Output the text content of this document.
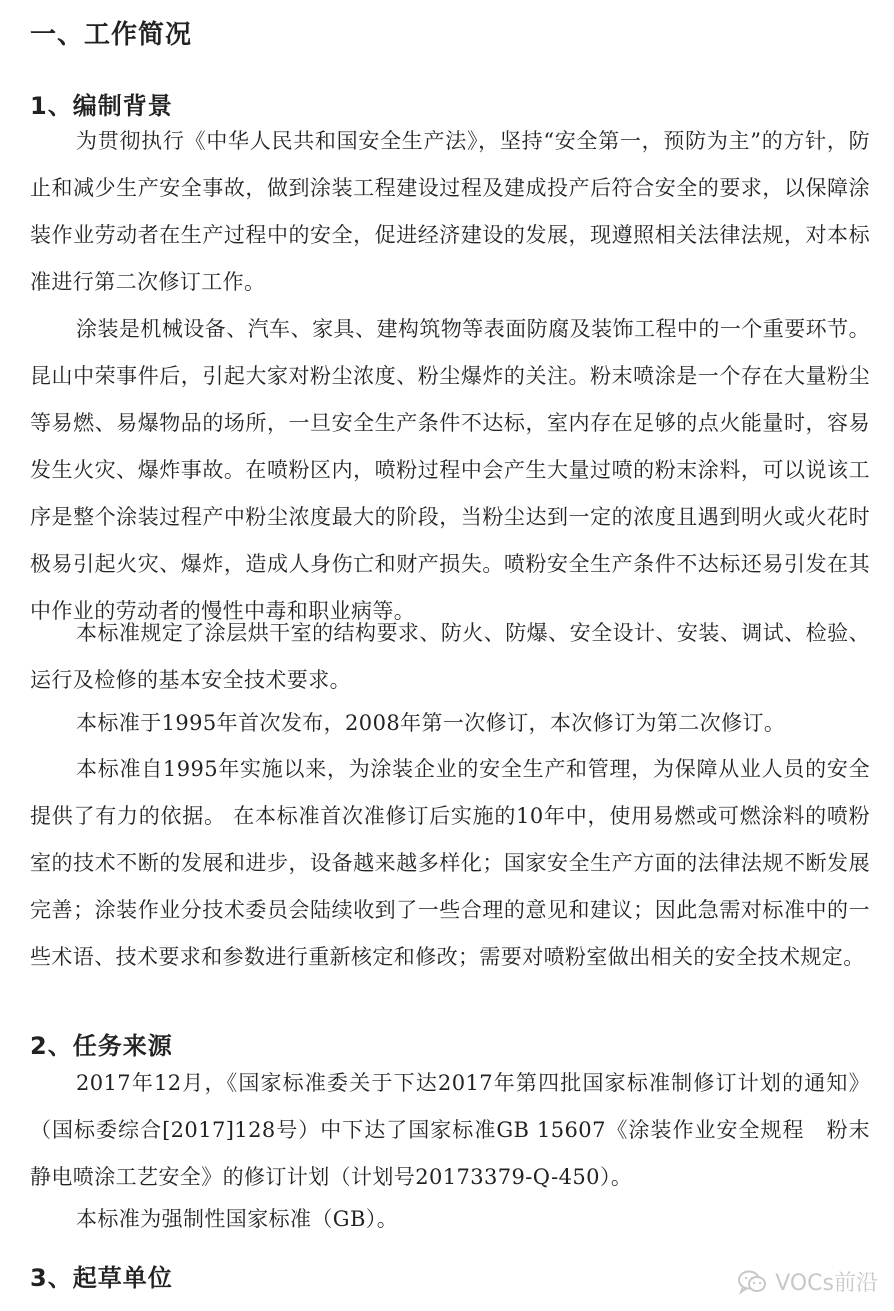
一、工作简况
1、编制背景

为贯彻执行《中华人民共和国安全生产法》，坚持“安全第一，预防为主”的方针，防止和减少生产安全事故，做到涂装工程建设过程及建成投产后符合安全的要求，以保障涂装作业劳动者在生产过程中的安全，促进经济建设的发展，现遵照相关法律法规，对本标准进行第二次修订工作。

涂装是机械设备、汽车、家具、建构筑物等表面防腐及装饰工程中的一个重要环节。昆山中荣事件后，引起大家对粉尘浓度、粉尘爆炸的关注。粉末喷涂是一个存在大量粉尘等易燃、易爆物品的场所，一旦安全生产条件不达标，室内存在足够的点火能量时，容易发生火灾、爆炸事故。在喷粉区内，喷粉过程中会产生大量过喷的粉末涂料，可以说该工序是整个涂装过程产中粉尘浓度最大的阶段，当粉尘达到一定的浓度且遇到明火或火花时极易引起火灾、爆炸，造成人身伤亡和财产损失。喷粉安全生产条件不达标还易引发在其中作业的劳动者的慢性中毒和职业病等。

本标准规定了涂层烘干室的结构要求、防火、防爆、安全设计、安装、调试、检验、运行及检修的基本安全技术要求。

本标准于1995年首次发布，2008年第一次修订，本次修订为第二次修订。

本标准自1995年实施以来，为涂装企业的安全生产和管理，为保障从业人员的安全提供了有力的依据。 在本标准首次准修订后实施的10年中，使用易燃或可燃涂料的喷粉室的技术不断的发展和进步，设备越来越多样化；国家安全生产方面的法律法规不断发展完善；涂装作业分技术委员会陆续收到了一些合理的意见和建议；因此急需对标准中的一些术语、技术要求和参数进行重新核定和修改；需要对喷粉室做出相关的安全技术规定。

2、任务来源

2017年12月，《国家标准委关于下达2017年第四批国家标准制修订计划的通知》（国标委综合[2017]128号）中下达了国家标准GB 15607《涂装作业安全规程　粉末静电喷涂工艺安全》的修订计划（计划号20173379-Q-450）。

本标准为强制性国家标准（GB）。

3、起草单位	VOCs前沿
